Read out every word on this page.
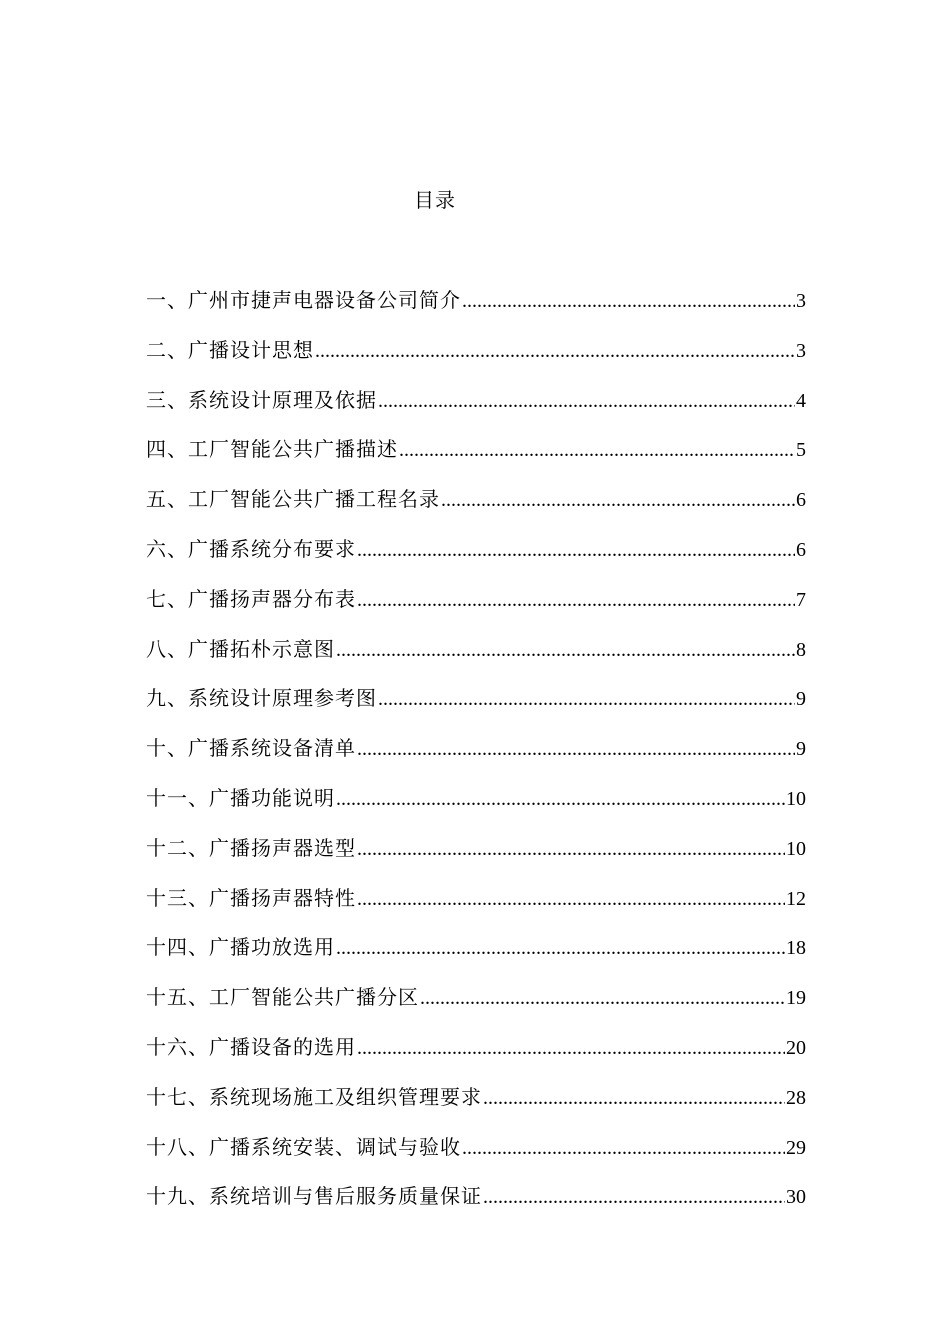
目录
一、广州市捷声电器设备公司简介 .....	3
二、广播设计思想 .....	3
三、系统设计原理及依据 .....	4
四、工厂智能公共广播描述 .....	5
五、工厂智能公共广播工程名录 .....	6
六、广播系统分布要求 .....	6
七、广播扬声器分布表 .....	7
八、广播拓朴示意图 .....	8
九、系统设计原理参考图 .....	9
十、广播系统设备清单 .....	9
十一、广播功能说明 .....	10
十二、广播扬声器选型 .....	10
十三、广播扬声器特性 .....	12
十四、广播功放选用 .....	18
十五、工厂智能公共广播分区 .....	19
十六、广播设备的选用 .....	20
十七、系统现场施工及组织管理要求 .....	28
十八、广播系统安装、调试与验收 .....	29
十九、系统培训与售后服务质量保证 .....	30
